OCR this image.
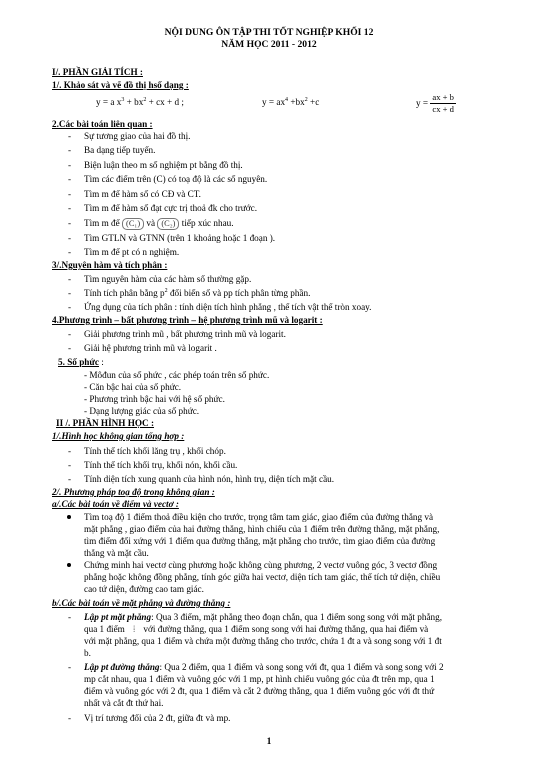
NỘI DUNG ÔN TẬP THI TỐT NGHIỆP KHỐI 12
NĂM HỌC 2011 - 2012
I/. PHẦN GIẢI TÍCH :
1/. Khảo sát và vẽ đồ thị hsố dạng :
y = a $x^3 + bx^2$ + cx + d ;	$y = ax^4 +bx^2 +c$	$y = \frac{ax + b}{cx + d}$
2.Các bài toán liên quan :
- Sự tương giao của hai đồ thị.
- Ba dạng tiếp tuyến.
- Biện luận theo m số nghiệm pt bằng đồ thị.
- Tìm các điểm trên (C) có toạ độ là các số nguyên.
- Tìm m để hàm số có CĐ và CT.
- Tìm m để hàm số đạt cực trị thoả đk cho trước.
- Tìm m để (C₁) và (C₂) tiếp xúc nhau.
- Tìm GTLN và GTNN (trên 1 khoảng hoặc 1 đoạn ).
- Tìm m để pt có n nghiệm.
3/.Nguyên hàm và tích phân :
- Tìm nguyên hàm của các hàm số thường gặp.
- Tính tích phân bằng $p^2$ đổi biến số và pp tích phân từng phần.
- Ứng dụng của tích phân : tính diện tích hình phẳng , thể tích vật thể tròn xoay.
4.Phương trình – bất phương trình – hệ phương trình mũ và logarit :
- Giải phương trình mũ , bất phương trình mũ và logarit.
- Giải hệ phương trình mũ và logarit .
5. Số phức :
- Môđun của số phức , các phép toán trên số phức.
- Căn bậc hai của số phức.
- Phương trình bậc hai với hệ số phức.
- Dạng lượng giác của số phức.
II /. PHẦN HÌNH HỌC :
1/.Hình học không gian tổng hợp :
- Tính thể tích khối lăng trụ , khối chóp.
- Tính thể tích khối trụ, khối nón, khối cầu.
- Tính diện tích xung quanh của hình nón, hình trụ, diện tích mặt cầu.
2/. Phương pháp toạ độ trong không gian :
a/.Các bài toán về điểm và vectơ :
Tìm toạ độ 1 điểm thoả điều kiện cho trước, trọng tâm tam giác, giao điểm của đường thẳng và
mặt phẳng , giao điểm của hai đường thẳng, hình chiếu của 1 điểm trên đường thẳng, mặt phẳng,
tìm điểm đối xứng với 1 điểm qua đường thẳng, mặt phẳng cho trước, tìm giao điểm của đường
thẳng và mặt cầu.
Chứng minh hai vectơ cùng phương hoặc không cùng phương, 2 vectơ vuông góc, 3 vectơ đồng
phẳng hoặc không đồng phẳng, tính góc giữa hai vectơ, diện tích tam giác, thể tích tứ diện, chiều
cao tứ diện, đường cao tam giác.
b/.Các bài toán về mặt phẳng và đường thẳng :
- Lập pt mặt phẳng: Qua 3 điểm, mặt phẳng theo đoạn chắn, qua 1 điểm song song với mặt phẳng,
qua 1 điểm ⁞ với đường thẳng, qua 1 điểm song song với hai đường thẳng, qua hai điểm và
với mặt phẳng, qua 1 điểm và chứa một đường thẳng cho trước, chứa 1 đt a và song song với 1 đt
b.
- Lập pt đường thẳng: Qua 2 điểm, qua 1 điểm và song song với đt, qua 1 điểm và song song với 2
mp cắt nhau, qua 1 điểm và vuông góc với 1 mp, pt hình chiếu vuông góc của đt trên mp, qua 1
điểm và vuông góc với 2 đt, qua 1 điểm và cắt 2 đường thẳng, qua 1 điểm vuông góc với đt thứ
nhất và cắt đt thứ hai.
- Vị trí tương đối của 2 đt, giữa đt và mp.
1
